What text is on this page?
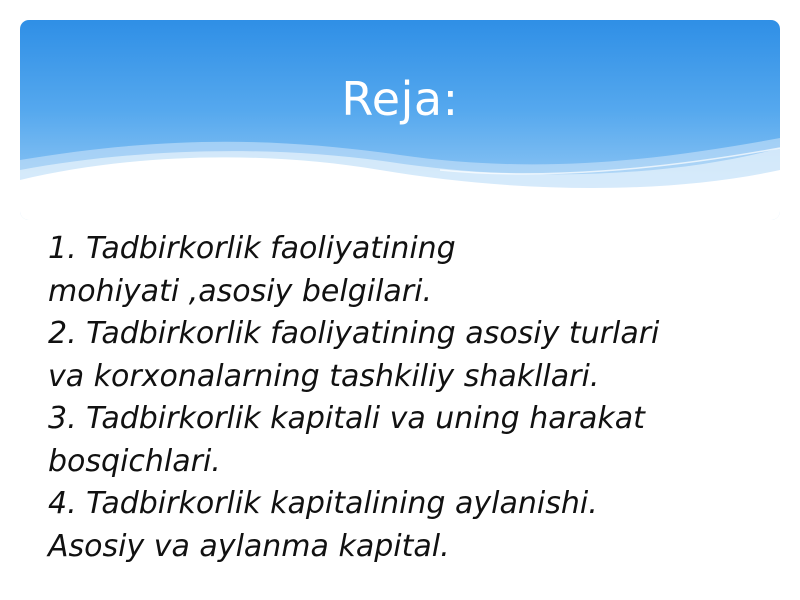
Reja:
1. Tadbirkorlik faoliyatining
mohiyati ,asosiy belgilari.
2. Tadbirkorlik faoliyatining asosiy turlari
va korxonalarning tashkiliy shakllari.
3. Tadbirkorlik kapitali va uning harakat
bosqichlari.
4. Tadbirkorlik kapitalining aylanishi.
Asosiy va aylanma kapital.
